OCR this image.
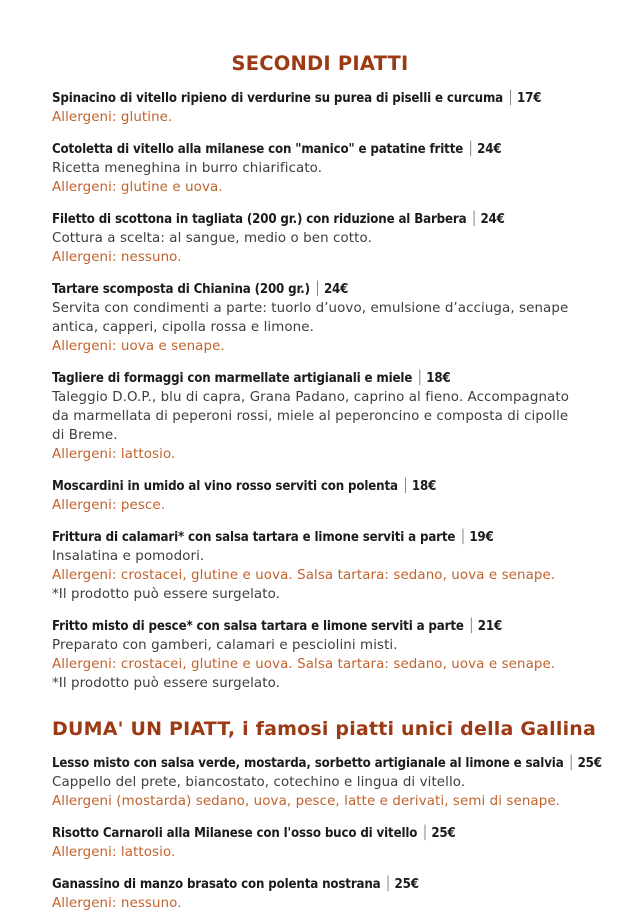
SECONDI PIATTI
Spinacino di vitello ripieno di verdurine su purea di piselli e curcuma │ 17€
Allergeni: glutine.
Cotoletta di vitello alla milanese con "manico" e patatine fritte │ 24€
Ricetta meneghina in burro chiarificato.
Allergeni: glutine e uova.
Filetto di scottona in tagliata (200 gr.) con riduzione al Barbera │ 24€
Cottura a scelta: al sangue, medio o ben cotto.
Allergeni: nessuno.
Tartare scomposta di Chianina (200 gr.) │ 24€
Servita con condimenti a parte: tuorlo d’uovo, emulsione d’acciuga, senape antica, capperi, cipolla rossa e limone.
Allergeni: uova e senape.
Tagliere di formaggi con marmellate artigianali e miele │ 18€
Taleggio D.O.P., blu di capra, Grana Padano, caprino al fieno. Accompagnato da marmellata di peperoni rossi, miele al peperoncino e composta di cipolle di Breme.
Allergeni: lattosio.
Moscardini in umido al vino rosso serviti con polenta │ 18€
Allergeni: pesce.
Frittura di calamari* con salsa tartara e limone serviti a parte │ 19€
Insalatina e pomodori.
Allergeni: crostacei, glutine e uova. Salsa tartara: sedano, uova e senape. *Il prodotto può essere surgelato.
Fritto misto di pesce* con salsa tartara e limone serviti a parte │ 21€
Preparato con gamberi, calamari e pesciolini misti.
Allergeni: crostacei, glutine e uova. Salsa tartara: sedano, uova e senape. *Il prodotto può essere surgelato.
DUMA' UN PIATT, i famosi piatti unici della Gallina
Lesso misto con salsa verde, mostarda, sorbetto artigianale al limone e salvia │ 25€
Cappello del prete, biancostato, cotechino e lingua di vitello.
Allergeni (mostarda) sedano, uova, pesce, latte e derivati, semi di senape.
Risotto Carnaroli alla Milanese con l'osso buco di vitello │ 25€
Allergeni: lattosio.
Ganassino di manzo brasato con polenta nostrana │ 25€
Allergeni: nessuno.
